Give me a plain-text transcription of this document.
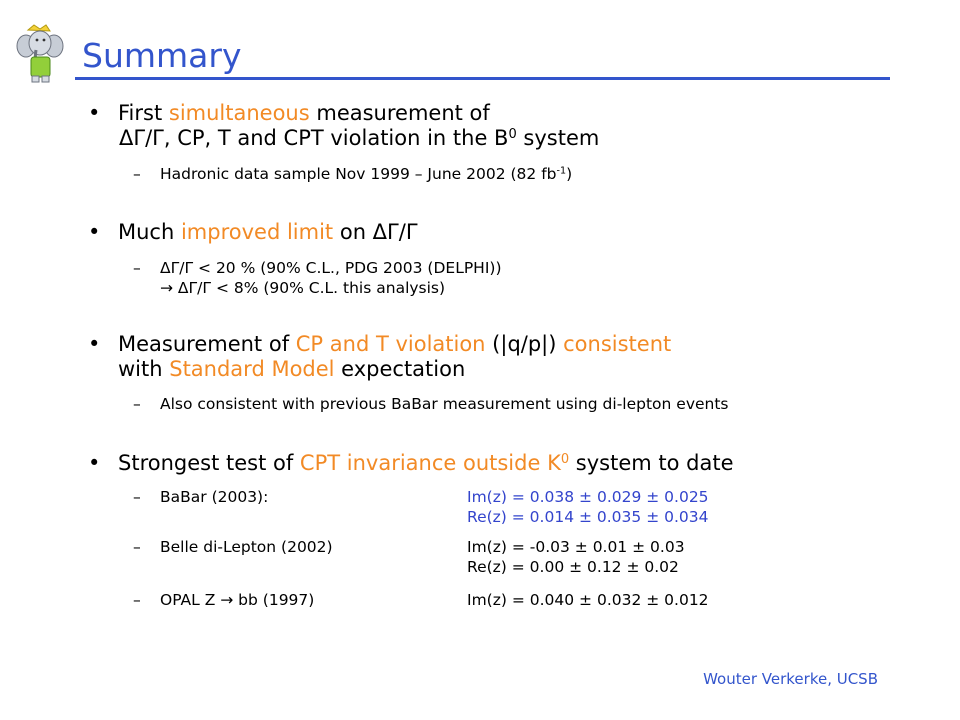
Summary
• First simultaneous measurement of
ΔΓ/Γ, CP, T and CPT violation in the $B^0$ system
– Hadronic data sample Nov 1999 – June 2002 (82 $fb^{-1}$)
• Much improved limit on ΔΓ/Γ
– ΔΓ/Γ < 20 % (90% C.L., PDG 2003 (DELPHI))
→ ΔΓ/Γ < 8% (90% C.L. this analysis)
• Measurement of CP and T violation (|q/p|) consistent
with Standard Model expectation
– Also consistent with previous BaBar measurement using di-lepton events
• Strongest test of CPT invariance outside $K^0$ system to date
– BaBar (2003):	Im(z) = 0.038 ± 0.029 ± 0.025
Re(z) = 0.014 ± 0.035 ± 0.034
– Belle di-Lepton (2002)	Im(z) = -0.03 ± 0.01 ± 0.03
Re(z) = 0.00 ± 0.12 ± 0.02
– OPAL Z → bb (1997)	Im(z) = 0.040 ± 0.032 ± 0.012
Wouter Verkerke, UCSB
